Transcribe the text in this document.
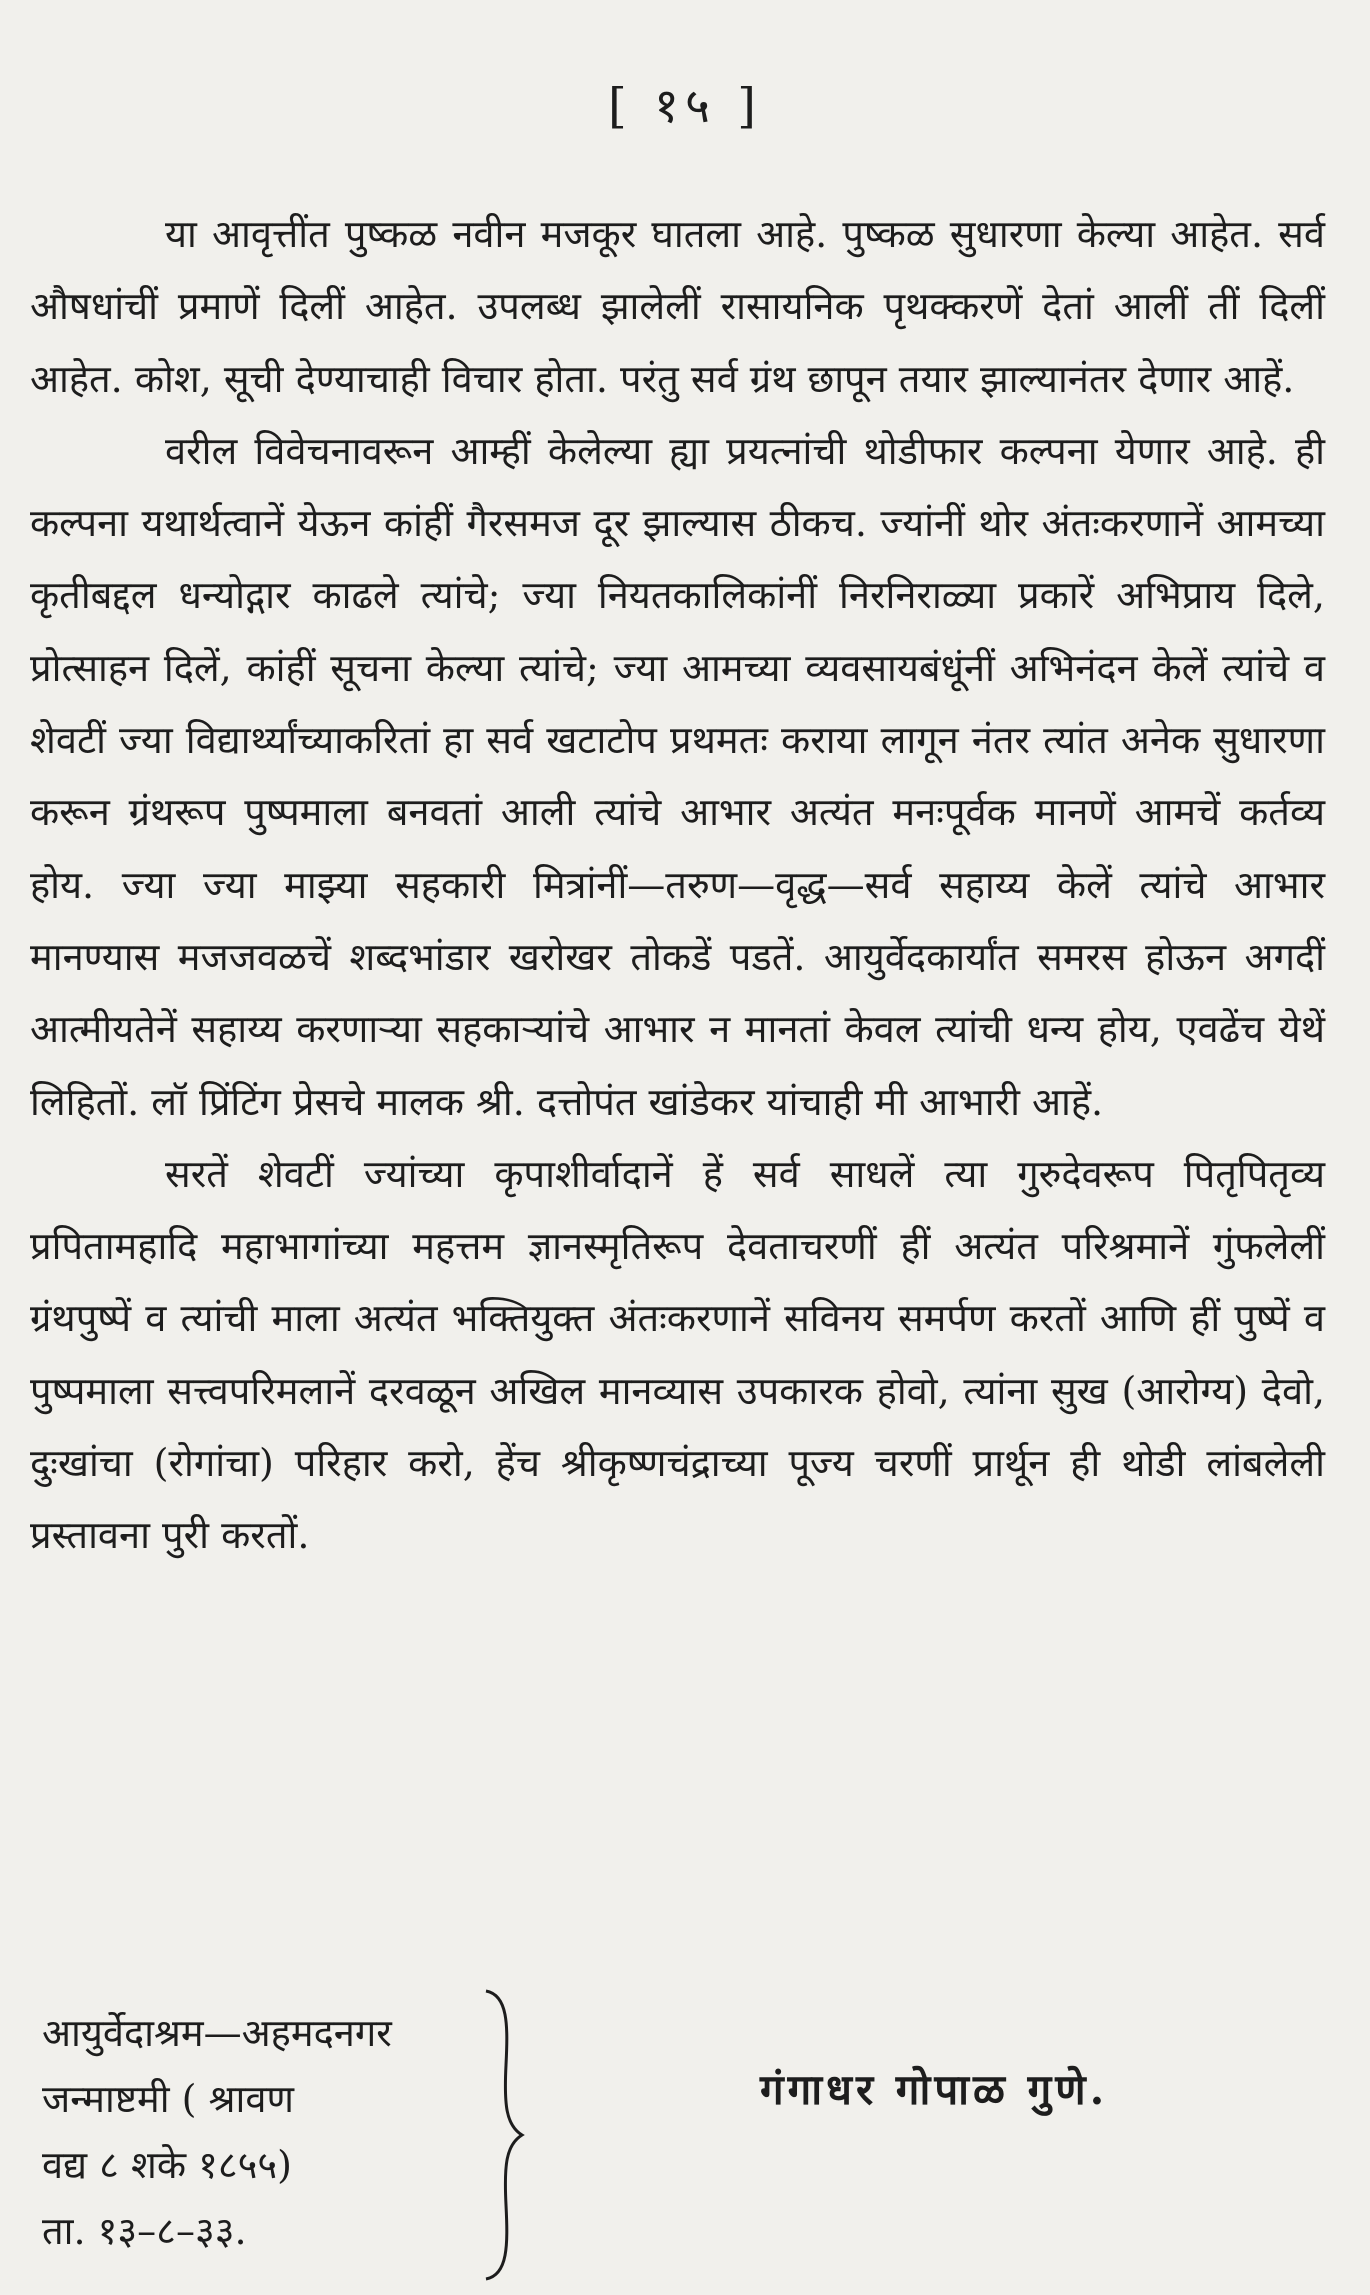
[ १५ ]

या आवृत्तींत पुष्कळ नवीन मजकूर घातला आहे. पुष्कळ सुधारणा केल्या आहेत. सर्व औषधांचीं प्रमाणें दिलीं आहेत. उपलब्ध झालेलीं रासायनिक पृथक्करणें देतां आलीं तीं दिलीं आहेत. कोश, सूची देण्याचाही विचार होता. परंतु सर्व ग्रंथ छापून तयार झाल्यानंतर देणार आहें.

वरील विवेचनावरून आम्हीं केलेल्या ह्या प्रयत्नांची थोडीफार कल्पना येणार आहे. ही कल्पना यथार्थत्वानें येऊन कांहीं गैरसमज दूर झाल्यास ठीकच. ज्यांनीं थोर अंतःकरणानें आमच्या कृतीबद्दल धन्योद्गार काढले त्यांचे; ज्या नियतकालिकांनीं निरनिराळ्या प्रकारें अभिप्राय दिले, प्रोत्साहन दिलें, कांहीं सूचना केल्या त्यांचे; ज्या आमच्या व्यवसायबंधूंनीं अभिनंदन केलें त्यांचे व शेवटीं ज्या विद्यार्थ्यांच्याकरितां हा सर्व खटाटोप प्रथमतः कराया लागून नंतर त्यांत अनेक सुधारणा करून ग्रंथरूप पुष्पमाला बनवतां आली त्यांचे आभार अत्यंत मनःपूर्वक मानणें आमचें कर्तव्य होय. ज्या ज्या माझ्या सहकारी मित्रांनीं—तरुण—वृद्ध—सर्व सहाय्य केलें त्यांचे आभार मानण्यास मजजवळचें शब्दभांडार खरोखर तोकडें पडतें. आयुर्वेदकार्यांत समरस होऊन अगदीं आत्मीयतेनें सहाय्य करणाऱ्या सहकाऱ्यांचे आभार न मानतां केवल त्यांची धन्य होय, एवढेंच येथें लिहितों. लॉ प्रिंटिंग प्रेसचे मालक श्री. दत्तोपंत खांडेकर यांचाही मी आभारी आहें.

सरतें शेवटीं ज्यांच्या कृपाशीर्वादानें हें सर्व साधलें त्या गुरुदेवरूप पितृपितृव्य प्रपितामहादि महाभागांच्या महत्तम ज्ञानस्मृतिरूप देवताचरणीं हीं अत्यंत परिश्रमानें गुंफलेलीं ग्रंथपुष्पें व त्यांची माला अत्यंत भक्तियुक्त अंतःकरणानें सविनय समर्पण करतों आणि हीं पुष्पें व पुष्पमाला सत्त्वपरिमलानें दरवळून अखिल मानव्यास उपकारक होवो, त्यांना सुख (आरोग्य) देवो, दुःखांचा (रोगांचा) परिहार करो, हेंच श्रीकृष्णचंद्राच्या पूज्य चरणीं प्रार्थून ही थोडी लांबलेली प्रस्तावना पुरी करतों.

आयुर्वेदाश्रम—अहमदनगर
जन्माष्टमी ( श्रावण
वद्य ८ शके १८५५)
ता. १३–८–३३.
गंगाधर गोपाळ गुणे.
